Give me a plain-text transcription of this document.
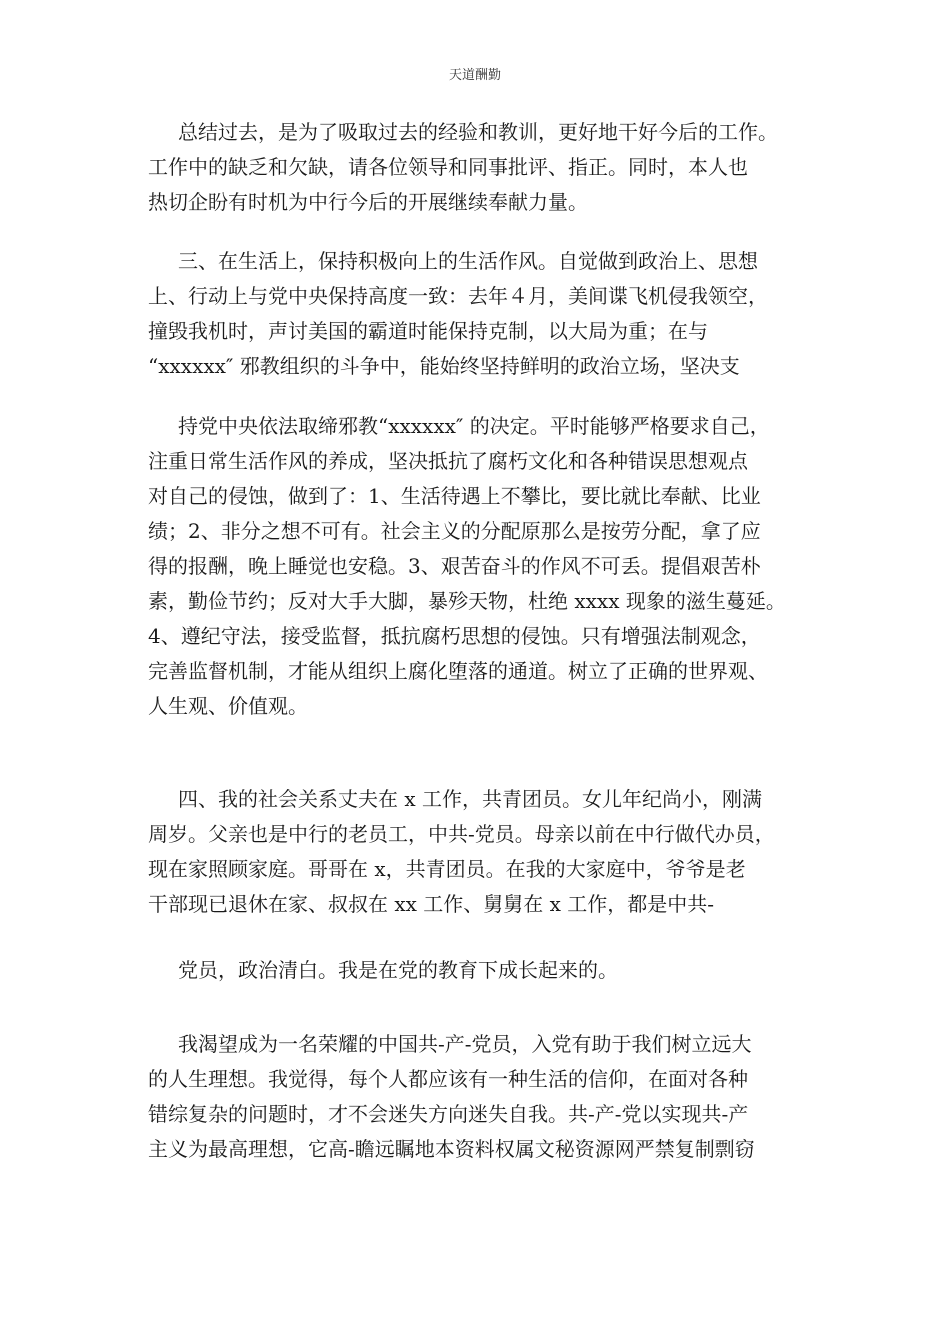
天道酬勤
总结过去，是为了吸取过去的经验和教训，更好地干好今后的工作。
工作中的缺乏和欠缺，请各位领导和同事批评、指正。同时，本人也
热切企盼有时机为中行今后的开展继续奉献力量。
三、在生活上，保持积极向上的生活作风。自觉做到政治上、思想
上、行动上与党中央保持高度一致：去年４月，美间谍飞机侵我领空，
撞毁我机时，声讨美国的霸道时能保持克制，以大局为重；在与
“xxxxxx″ 邪教组织的斗争中，能始终坚持鲜明的政治立场，坚决支
持党中央依法取缔邪教“xxxxxx″ 的决定。平时能够严格要求自己，
注重日常生活作风的养成，坚决抵抗了腐朽文化和各种错误思想观点
对自己的侵蚀，做到了：1、生活待遇上不攀比，要比就比奉献、比业
绩；2、非分之想不可有。社会主义的分配原那么是按劳分配，拿了应
得的报酬，晚上睡觉也安稳。3、艰苦奋斗的作风不可丢。提倡艰苦朴
素，勤俭节约；反对大手大脚，暴殄天物，杜绝 xxxx 现象的滋生蔓延。
4、遵纪守法，接受监督，抵抗腐朽思想的侵蚀。只有增强法制观念，
完善监督机制，才能从组织上腐化堕落的通道。树立了正确的世界观、
人生观、价值观。
四、我的社会关系丈夫在 x 工作，共青团员。女儿年纪尚小，刚满
周岁。父亲也是中行的老员工，中共-党员。母亲以前在中行做代办员，
现在家照顾家庭。哥哥在 x，共青团员。在我的大家庭中，爷爷是老
干部现已退休在家、叔叔在 xx 工作、舅舅在 x 工作，都是中共-
党员，政治清白。我是在党的教育下成长起来的。
我渴望成为一名荣耀的中国共-产-党员，入党有助于我们树立远大
的人生理想。我觉得，每个人都应该有一种生活的信仰，在面对各种
错综复杂的问题时，才不会迷失方向迷失自我。共-产-党以实现共-产
主义为最高理想，它高-瞻远瞩地本资料权属文秘资源网严禁复制剽窃
